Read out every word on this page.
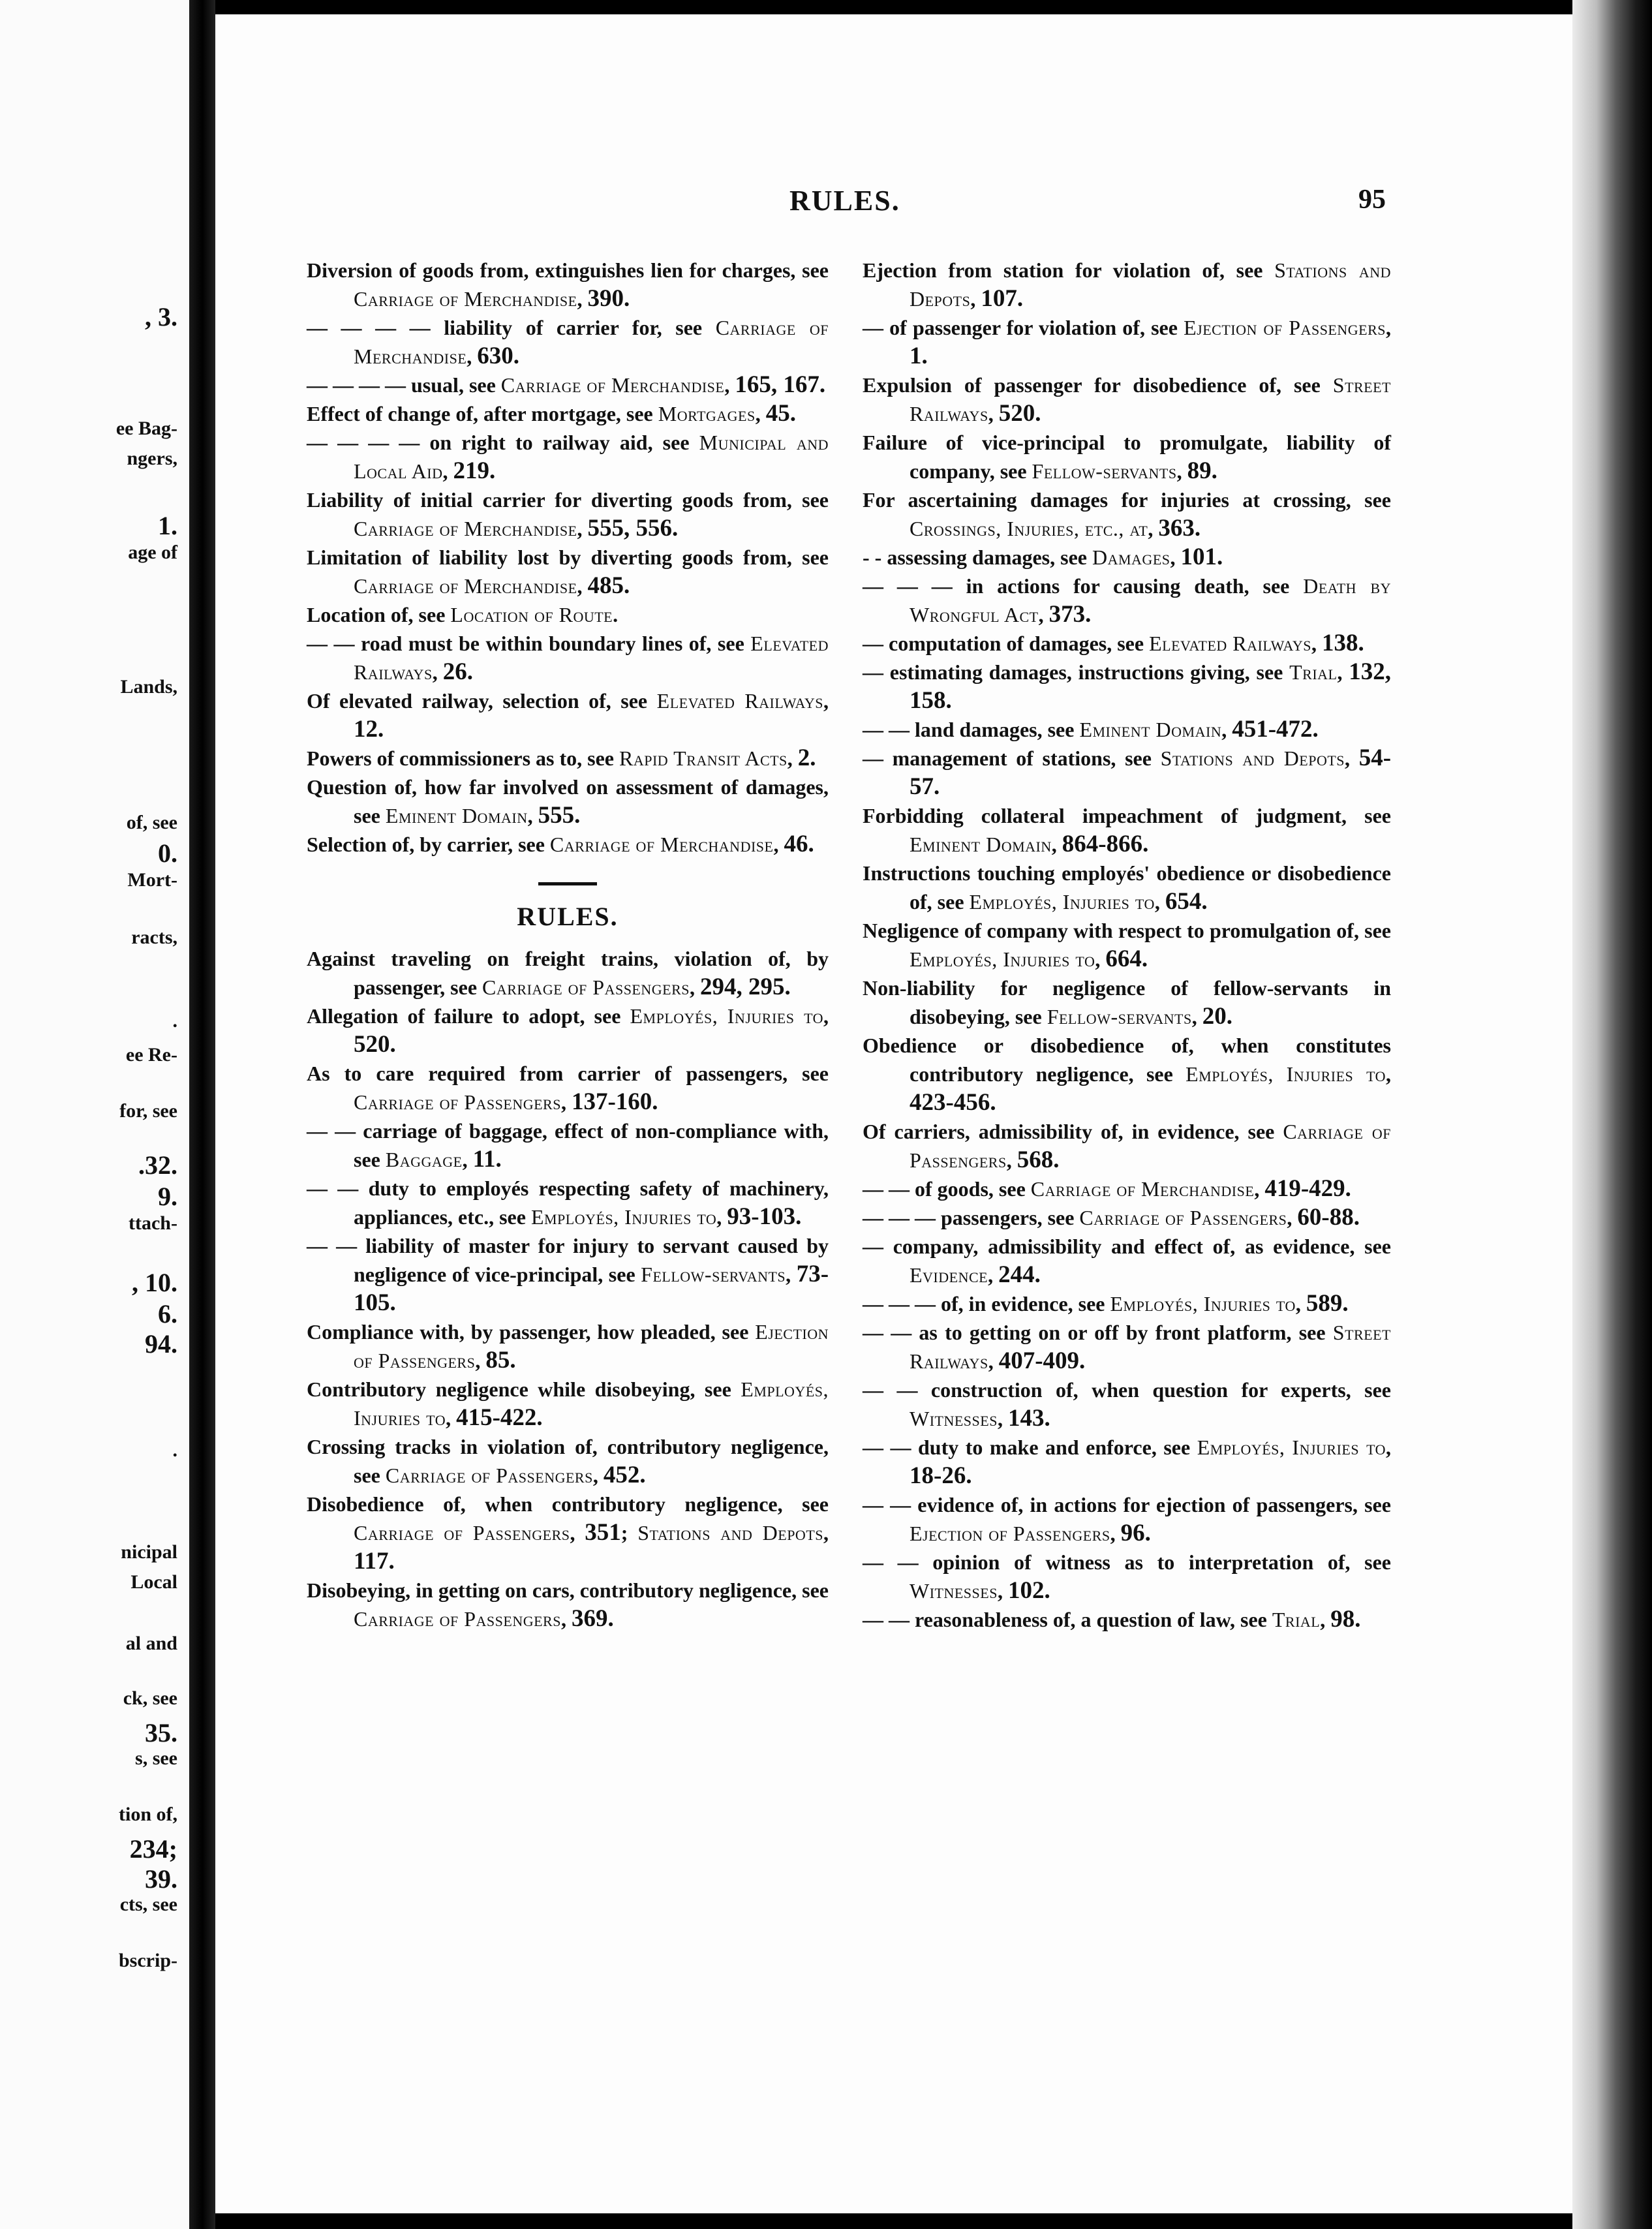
, 3.
ee Bag-
ngers,
1.
age of
Lands,
of, see
0.
Mort-
racts,
.
ee Re-
for, see
.32.
9.
ttach-
, 10.
6.
94.
.
nicipal
Local
al and
ck, see
35.
s, see
tion of,
234;
39.
cts, see
bscrip-
RULES.	95
Diversion of goods from, extinguishes lien for charges, see Carriage of Merchandise, 390.
— — — — liability of carrier for, see Carriage of Merchandise, 630.
— — — — usual, see Carriage of Merchandise, 165, 167.
Effect of change of, after mortgage, see Mortgages, 45.
— — — — on right to railway aid, see Municipal and Local Aid, 219.
Liability of initial carrier for diverting goods from, see Carriage of Merchandise, 555, 556.
Limitation of liability lost by diverting goods from, see Carriage of Merchandise, 485.
Location of, see Location of Route.
— — road must be within boundary lines of, see Elevated Railways, 26.
Of elevated railway, selection of, see Elevated Railways, 12.
Powers of commissioners as to, see Rapid Transit Acts, 2.
Question of, how far involved on assessment of damages, see Eminent Domain, 555.
Selection of, by carrier, see Carriage of Merchandise, 46.
RULES.
Against traveling on freight trains, violation of, by passenger, see Carriage of Passengers, 294, 295.
Allegation of failure to adopt, see Employés, Injuries to, 520.
As to care required from carrier of passengers, see Carriage of Passengers, 137-160.
— — carriage of baggage, effect of non-compliance with, see Baggage, 11.
— — duty to employés respecting safety of machinery, appliances, etc., see Employés, Injuries to, 93-103.
— — liability of master for injury to servant caused by negligence of vice-principal, see Fellow-servants, 73-105.
Compliance with, by passenger, how pleaded, see Ejection of Passengers, 85.
Contributory negligence while disobeying, see Employés, Injuries to, 415-422.
Crossing tracks in violation of, contributory negligence, see Carriage of Passengers, 452.
Disobedience of, when contributory negligence, see Carriage of Passengers, 351; Stations and Depots, 117.
Disobeying, in getting on cars, contributory negligence, see Carriage of Passengers, 369.
Ejection from station for violation of, see Stations and Depots, 107.
— of passenger for violation of, see Ejection of Passengers, 1.
Expulsion of passenger for disobedience of, see Street Railways, 520.
Failure of vice-principal to promulgate, liability of company, see Fellow-servants, 89.
For ascertaining damages for injuries at crossing, see Crossings, Injuries, etc., at, 363.
- - assessing damages, see Damages, 101.
— — — in actions for causing death, see Death by Wrongful Act, 373.
— computation of damages, see Elevated Railways, 138.
— estimating damages, instructions giving, see Trial, 132, 158.
— — land damages, see Eminent Domain, 451-472.
— management of stations, see Stations and Depots, 54-57.
Forbidding collateral impeachment of judgment, see Eminent Domain, 864-866.
Instructions touching employés' obedience or disobedience of, see Employés, Injuries to, 654.
Negligence of company with respect to promulgation of, see Employés, Injuries to, 664.
Non-liability for negligence of fellow-servants in disobeying, see Fellow-servants, 20.
Obedience or disobedience of, when constitutes contributory negligence, see Employés, Injuries to, 423-456.
Of carriers, admissibility of, in evidence, see Carriage of Passengers, 568.
— — of goods, see Carriage of Merchandise, 419-429.
— — — passengers, see Carriage of Passengers, 60-88.
— company, admissibility and effect of, as evidence, see Evidence, 244.
— — — of, in evidence, see Employés, Injuries to, 589.
— — as to getting on or off by front platform, see Street Railways, 407-409.
— — construction of, when question for experts, see Witnesses, 143.
— — duty to make and enforce, see Employés, Injuries to, 18-26.
— — evidence of, in actions for ejection of passengers, see Ejection of Passengers, 96.
— — opinion of witness as to interpretation of, see Witnesses, 102.
— — reasonableness of, a question of law, see Trial, 98.
